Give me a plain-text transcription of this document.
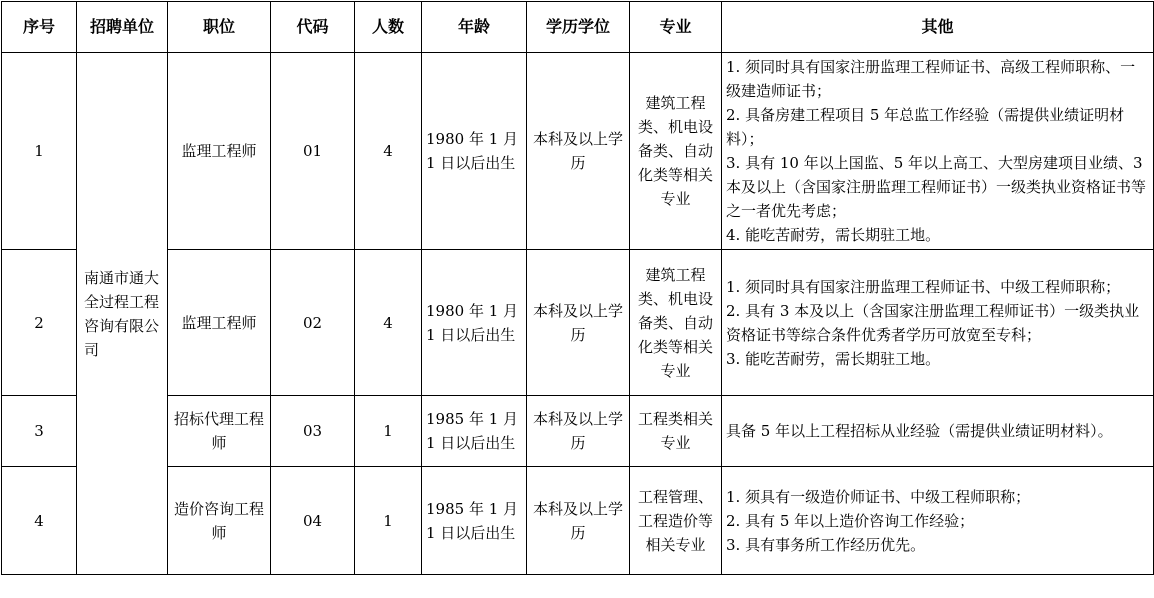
序号	招聘单位	职位	代码	人数	年龄	学历学位	专业	其他
1	南通市通大全过程工程咨询有限公司	监理工程师	01	4	1980 年 1 月 1 日以后出生	本科及以上学历	建筑工程类、机电设备类、自动化类等相关专业	1. 须同时具有国家注册监理工程师证书、高级工程师职称、一级建造师证书；
2. 具备房建工程项目 5 年总监工作经验（需提供业绩证明材料）；
3. 具有 10 年以上国监、5 年以上高工、大型房建项目业绩、3 本及以上（含国家注册监理工程师证书）一级类执业资格证书等之一者优先考虑；
4. 能吃苦耐劳，需长期驻工地。

2		监理工程师	02	4	1980 年 1 月 1 日以后出生	本科及以上学历	建筑工程类、机电设备类、自动化类等相关专业	1. 须同时具有国家注册监理工程师证书、中级工程师职称；
2. 具有 3 本及以上（含国家注册监理工程师证书）一级类执业资格证书等综合条件优秀者学历可放宽至专科；
3. 能吃苦耐劳，需长期驻工地。

3		招标代理工程师	03	1	1985 年 1 月 1 日以后出生	本科及以上学历	工程类相关专业	具备 5 年以上工程招标从业经验（需提供业绩证明材料）。

4		造价咨询工程师	04	1	1985 年 1 月 1 日以后出生	本科及以上学历	工程管理、工程造价等相关专业	1. 须具有一级造价师证书、中级工程师职称；
2. 具有 5 年以上造价咨询工作经验；
3. 具有事务所工作经历优先。
